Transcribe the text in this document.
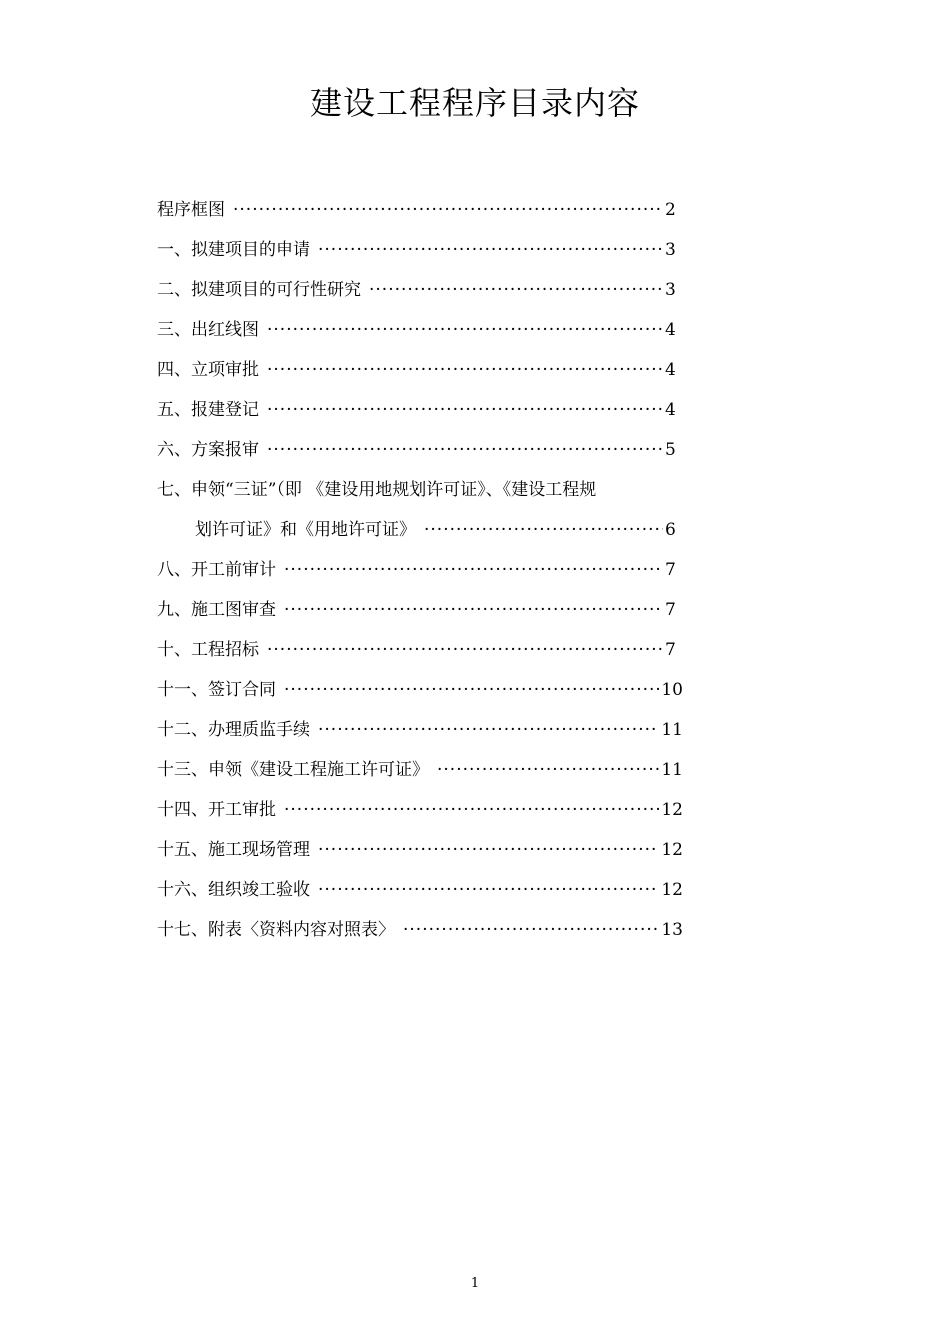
建设工程程序目录内容
程序框图 ·····	2
一、拟建项目的申请 ·····	3
二、拟建项目的可行性研究 ·····	3
三、出红线图 ·····	4
四、立项审批 ·····	4
五、报建登记 ·····	4
六、方案报审 ·····	5
七、申领“三证”（即 《建设用地规划许可证》、《建设工程规
划许可证》和《用地许可证》 ·····	6
八、开工前审计 ·····	7
九、施工图审查 ·····	7
十、工程招标 ·····	7
十一、签订合同 ·····	10
十二、办理质监手续 ·····	11
十三、申领《建设工程施工许可证》 ·····	11
十四、开工审批 ·····	12
十五、施工现场管理 ·····	12
十六、组织竣工验收 ·····	12
十七、附表〈资料内容对照表〉 ·····	13
1
